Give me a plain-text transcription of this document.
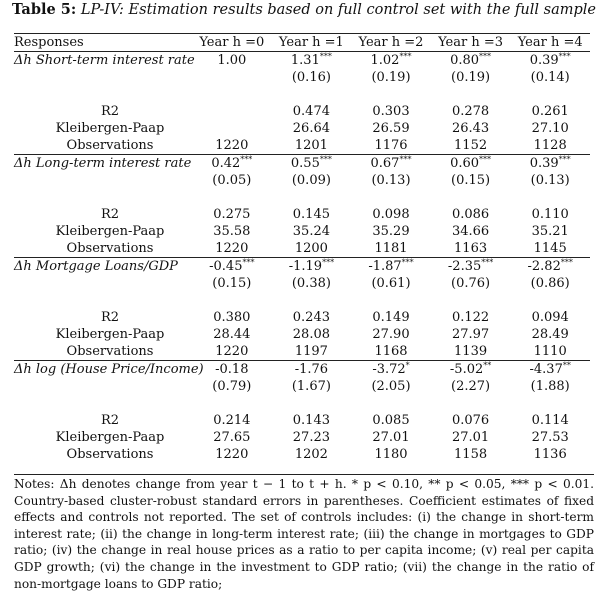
Table 5: LP-IV: Estimation results based on full control set with the full sample
Responses	Year h =0	Year h =1	Year h =2	Year h =3	Year h =4
Δh Short-term interest rate	1.00	1.31***	1.02***	0.80***	0.39***
		(0.16)	(0.19)	(0.19)	(0.14)

R2		0.474	0.303	0.278	0.261
Kleibergen-Paap		26.64	26.59	26.43	27.10
Observations	1220	1201	1176	1152	1128
Δh Long-term interest rate	0.42***	0.55***	0.67***	0.60***	0.39***
	(0.05)	(0.09)	(0.13)	(0.15)	(0.13)

R2	0.275	0.145	0.098	0.086	0.110
Kleibergen-Paap	35.58	35.24	35.29	34.66	35.21
Observations	1220	1200	1181	1163	1145
Δh Mortgage Loans/GDP	-0.45***	-1.19***	-1.87***	-2.35***	-2.82***
	(0.15)	(0.38)	(0.61)	(0.76)	(0.86)

R2	0.380	0.243	0.149	0.122	0.094
Kleibergen-Paap	28.44	28.08	27.90	27.97	28.49
Observations	1220	1197	1168	1139	1110
Δh log (House Price/Income)	-0.18	-1.76	-3.72*	-5.02**	-4.37**
	(0.79)	(1.67)	(2.05)	(2.27)	(1.88)

R2	0.214	0.143	0.085	0.076	0.114
Kleibergen-Paap	27.65	27.23	27.01	27.01	27.53
Observations	1220	1202	1180	1158	1136
Notes: Δh denotes change from year t − 1 to t + h. * p < 0.10, ** p < 0.05, *** p < 0.01. Country-based cluster-robust standard errors in parentheses. Coefficient estimates of fixed effects and controls not reported. The set of controls includes: (i) the change in short-term interest rate; (ii) the change in long-term interest rate; (iii) the change in mortgages to GDP ratio; (iv) the change in real house prices as a ratio to per capita income; (v) real per capita GDP growth; (vi) the change in the investment to GDP ratio; (vii) the change in the ratio of non-mortgage loans to GDP ratio;
